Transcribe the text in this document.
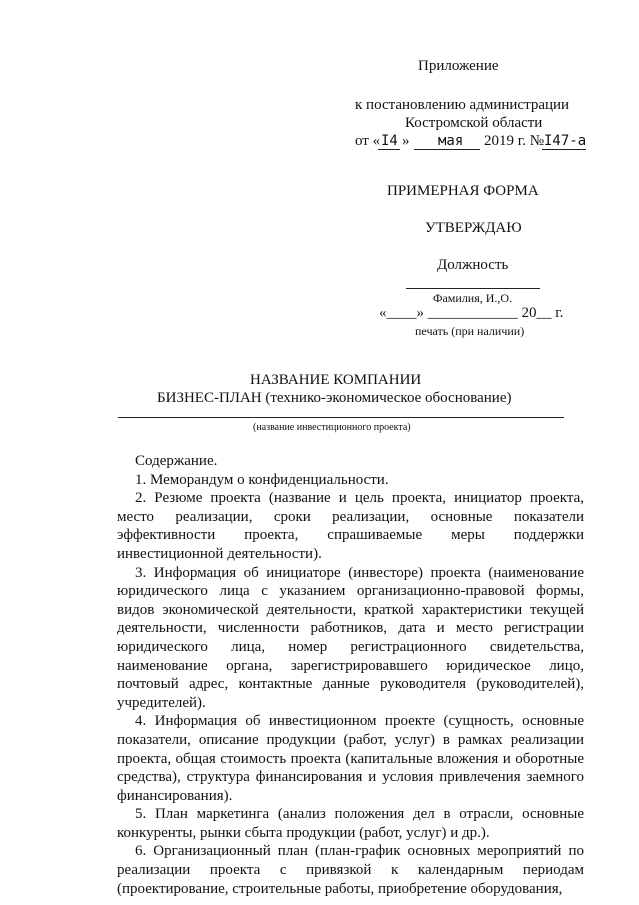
Приложение
к постановлению администрации
Костромской области
от « I4 » мая 2019 г. № I47-а
ПРИМЕРНАЯ ФОРМА
УТВЕРЖДАЮ
Должность
Фамилия, И.,О.
«____» ____________ 20__ г.
печать (при наличии)
НАЗВАНИЕ КОМПАНИИ
БИЗНЕС-ПЛАН (технико-экономическое обоснование)
(название инвестиционного проекта)

Содержание.

1. Меморандум о конфиденциальности.

2. Резюме проекта (название и цель проекта, инициатор проекта, место реализации, сроки реализации, основные показатели эффективности проекта, спрашиваемые меры поддержки инвестиционной деятельности).

3. Информация об инициаторе (инвесторе) проекта (наименование юридического лица с указанием организационно-правовой формы, видов экономической деятельности, краткой характеристики текущей деятельности, численности работников, дата и место регистрации юридического лица, номер регистрационного свидетельства, наименование органа, зарегистрировавшего юридическое лицо, почтовый адрес, контактные данные руководителя (руководителей), учредителей).

4. Информация об инвестиционном проекте (сущность, основные показатели, описание продукции (работ, услуг) в рамках реализации проекта, общая стоимость проекта (капитальные вложения и оборотные средства), структура финансирования и условия привлечения заемного финансирования).

5. План маркетинга (анализ положения дел в отрасли, основные конкуренты, рынки сбыта продукции (работ, услуг) и др.).

6. Организационный план (план-график основных мероприятий по реализации проекта с привязкой к календарным периодам (проектирование, строительные работы, приобретение оборудования,
